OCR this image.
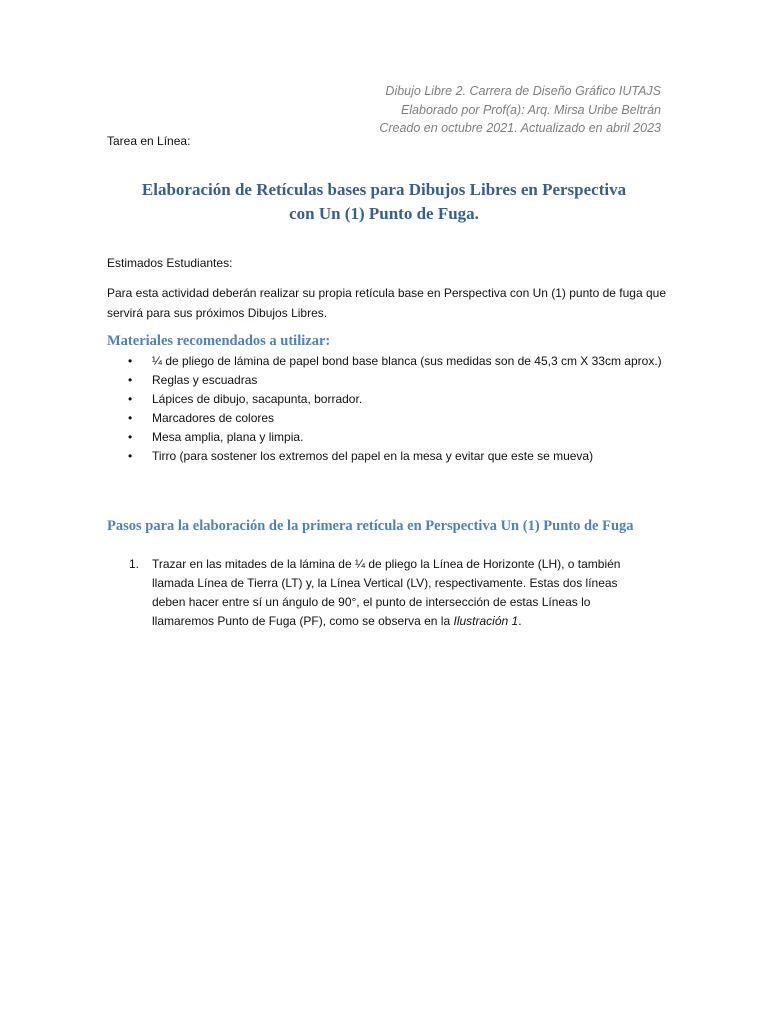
Dibujo Libre 2. Carrera de Diseño Gráfico IUTAJS
Elaborado por Prof(a): Arq. Mirsa Uribe Beltrán
Creado en octubre 2021. Actualizado en abril 2023
Tarea en Línea:
Elaboración de Retículas bases para Dibujos Libres en Perspectiva
con Un (1) Punto de Fuga.
Estimados Estudiantes:
Para esta actividad deberán realizar su propia retícula base en Perspectiva con Un (1) punto de fuga que servirá para sus próximos Dibujos Libres.
Materiales recomendados a utilizar:
• ¼ de pliego de lámina de papel bond base blanca (sus medidas son de 45,3 cm X 33cm aprox.)
• Reglas y escuadras
• Lápices de dibujo, sacapunta, borrador.
• Marcadores de colores
• Mesa amplia, plana y limpia.
• Tirro (para sostener los extremos del papel en la mesa y evitar que este se mueva)
Pasos para la elaboración de la primera retícula en Perspectiva Un (1) Punto de Fuga
1. Trazar en las mitades de la lámina de ¼ de pliego la Línea de Horizonte (LH), o también llamada Línea de Tierra (LT) y, la Línea Vertical (LV), respectivamente. Estas dos líneas deben hacer entre sí un ángulo de 90°, el punto de intersección de estas Líneas lo llamaremos Punto de Fuga (PF), como se observa en la Ilustración 1.
